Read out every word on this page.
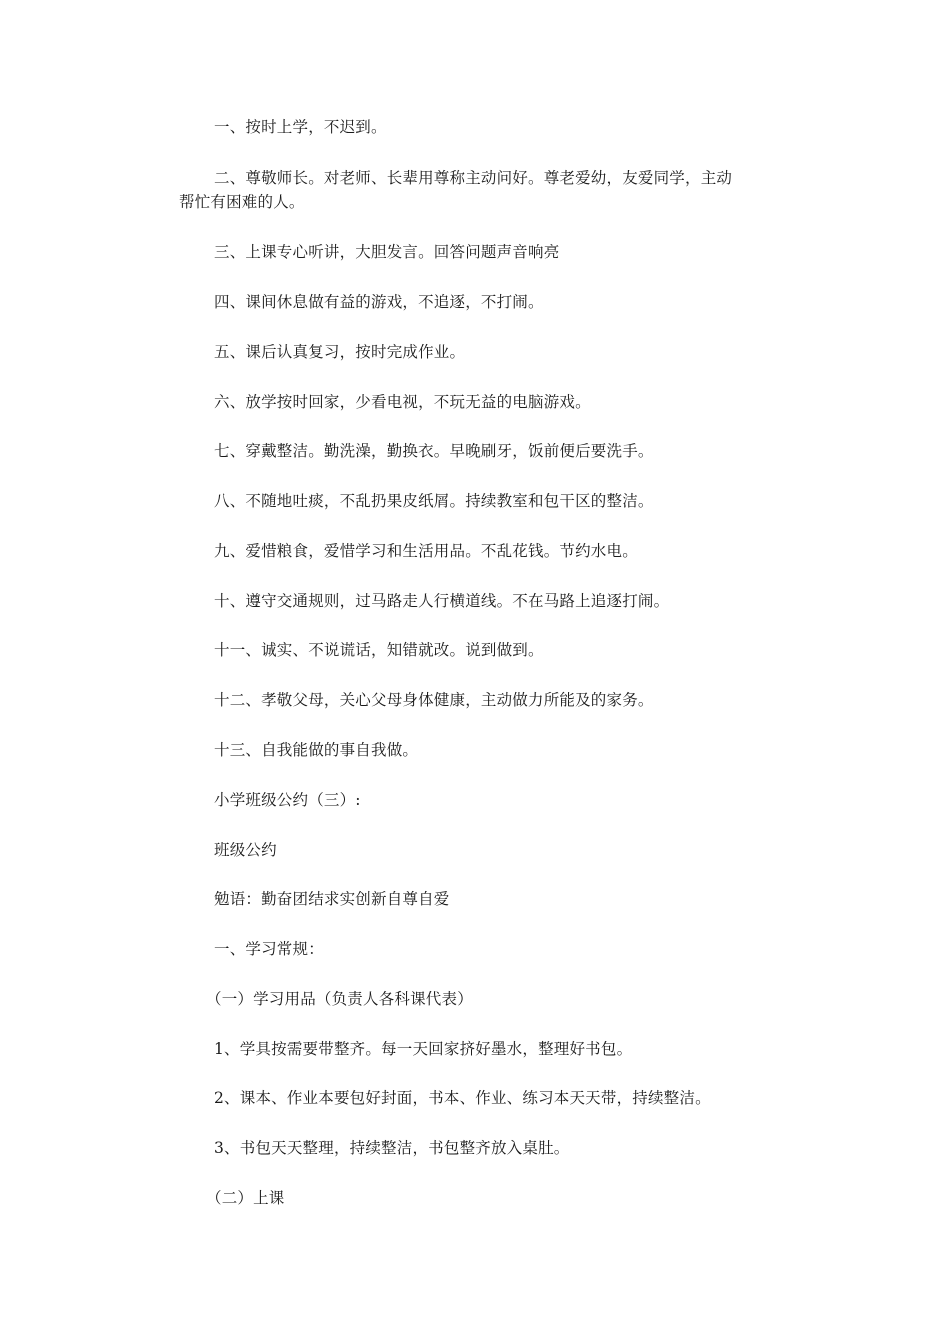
一、按时上学，不迟到。
二、尊敬师长。对老师、长辈用尊称主动问好。尊老爱幼，友爱同学，主动
帮忙有困难的人。
三、上课专心听讲，大胆发言。回答问题声音响亮
四、课间休息做有益的游戏，不追逐，不打闹。
五、课后认真复习，按时完成作业。
六、放学按时回家，少看电视，不玩无益的电脑游戏。
七、穿戴整洁。勤洗澡，勤换衣。早晚刷牙，饭前便后要洗手。
八、不随地吐痰，不乱扔果皮纸屑。持续教室和包干区的整洁。
九、爱惜粮食，爱惜学习和生活用品。不乱花钱。节约水电。
十、遵守交通规则，过马路走人行横道线。不在马路上追逐打闹。
十一、诚实、不说谎话，知错就改。说到做到。
十二、孝敬父母，关心父母身体健康，主动做力所能及的家务。
十三、自我能做的事自我做。
小学班级公约（三）:
班级公约
勉语：勤奋团结求实创新自尊自爱
一、学习常规：
（一）学习用品（负责人各科课代表）
1、学具按需要带整齐。每一天回家挤好墨水，整理好书包。
2、课本、作业本要包好封面，书本、作业、练习本天天带，持续整洁。
3、书包天天整理，持续整洁，书包整齐放入桌肚。
（二）上课
